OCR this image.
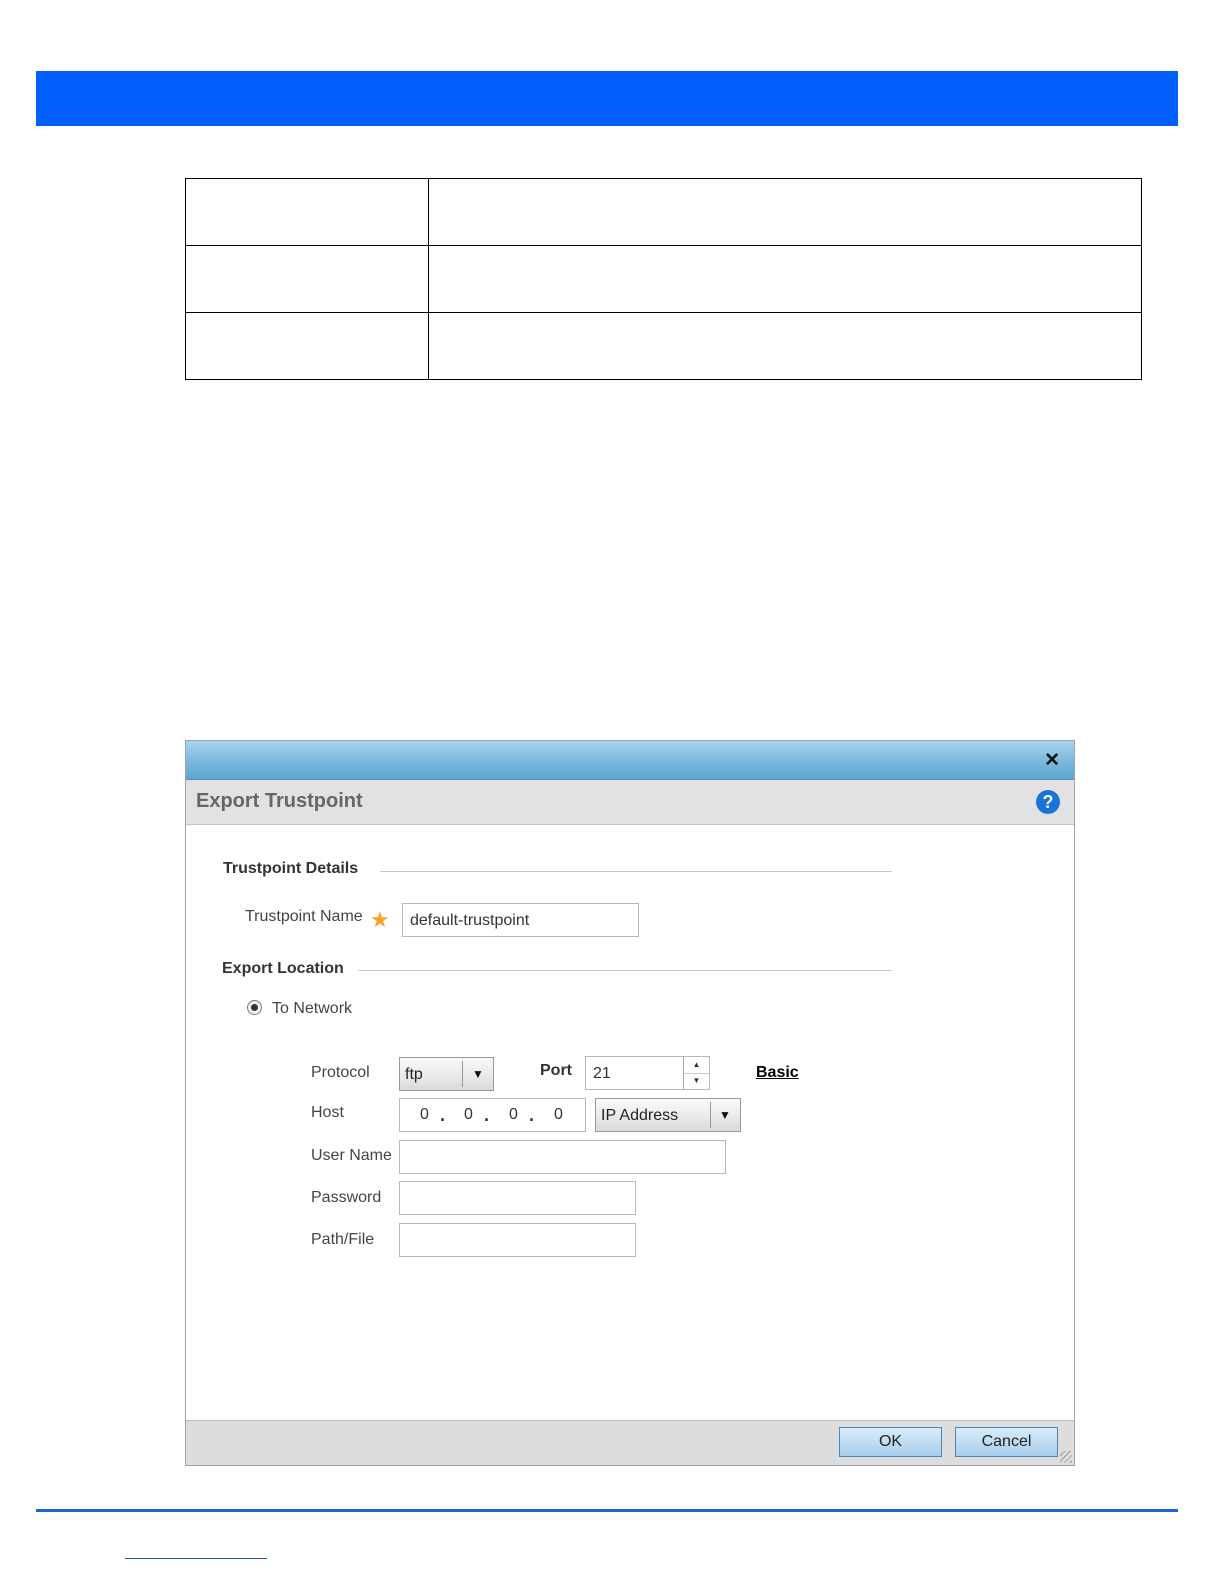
✕
Export Trustpoint	?
OK	Cancel
Trustpoint Details
Trustpoint Name ★	default-trustpoint
Export Location
To Network
Protocol ftp	▼	Port	21
▲
▼	Basic
Host	0 . 0 . 0 . 0 IP Address	▼
User Name
Password
Path/File
